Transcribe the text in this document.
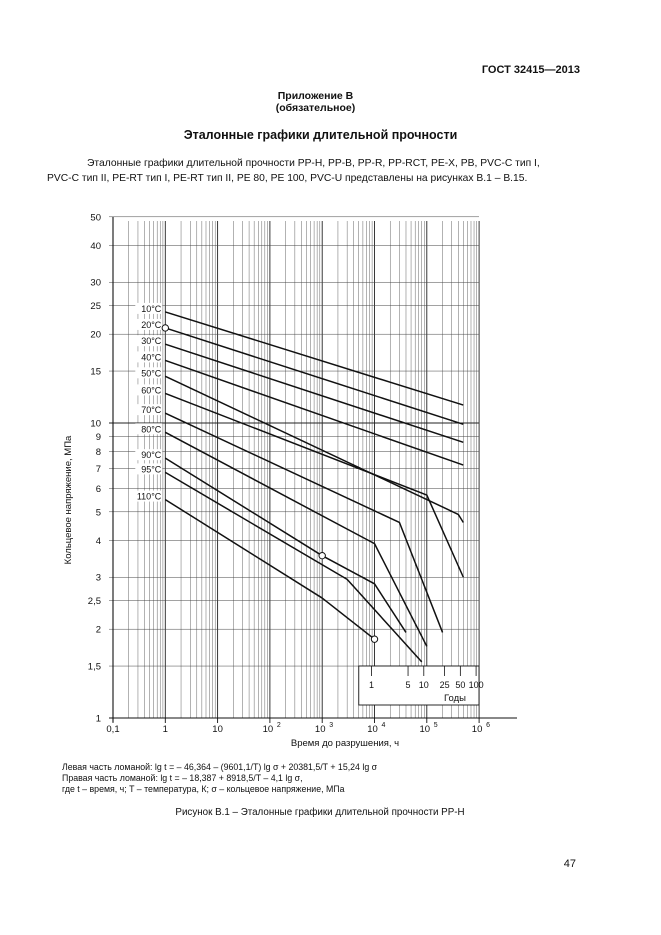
ГОСТ 32415—2013
Приложение В
(обязательное)
Эталонные графики длительной прочности
Эталонные графики длительной прочности PP-H, PP-B, PP-R, PP-RCT, PE-X, PB, PVC-C тип I,
PVC-C тип II, PE-RT тип I, PE-RT тип II, PE 80, PE 100, PVC-U представлены на рисунках В.1 – В.15.
1
1,5
2
2,5
3
4
5
6
7
8
9
10
15
20
25
30
40
50
0,1	1	10	10 2	10 3	10 4	10 5	10 6
1	5 10 25 50 100
Годы
10°C
20°C
30°C
40°C
50°C
60°C
70°C
80°C
90°C
95°C
110°C
Время до разрушения, ч
Кольцевое напряжение, МПа
Левая часть ломаной: lg t = – 46,364 – (9601,1/T) lg σ + 20381,5/T + 15,24 lg σ
Правая часть ломаной: lg t = – 18,387 + 8918,5/T – 4,1 lg σ,
где t – время, ч; T – температура, К; σ – кольцевое напряжение, МПа
Рисунок В.1 – Эталонные графики длительной прочности PP-H
47
